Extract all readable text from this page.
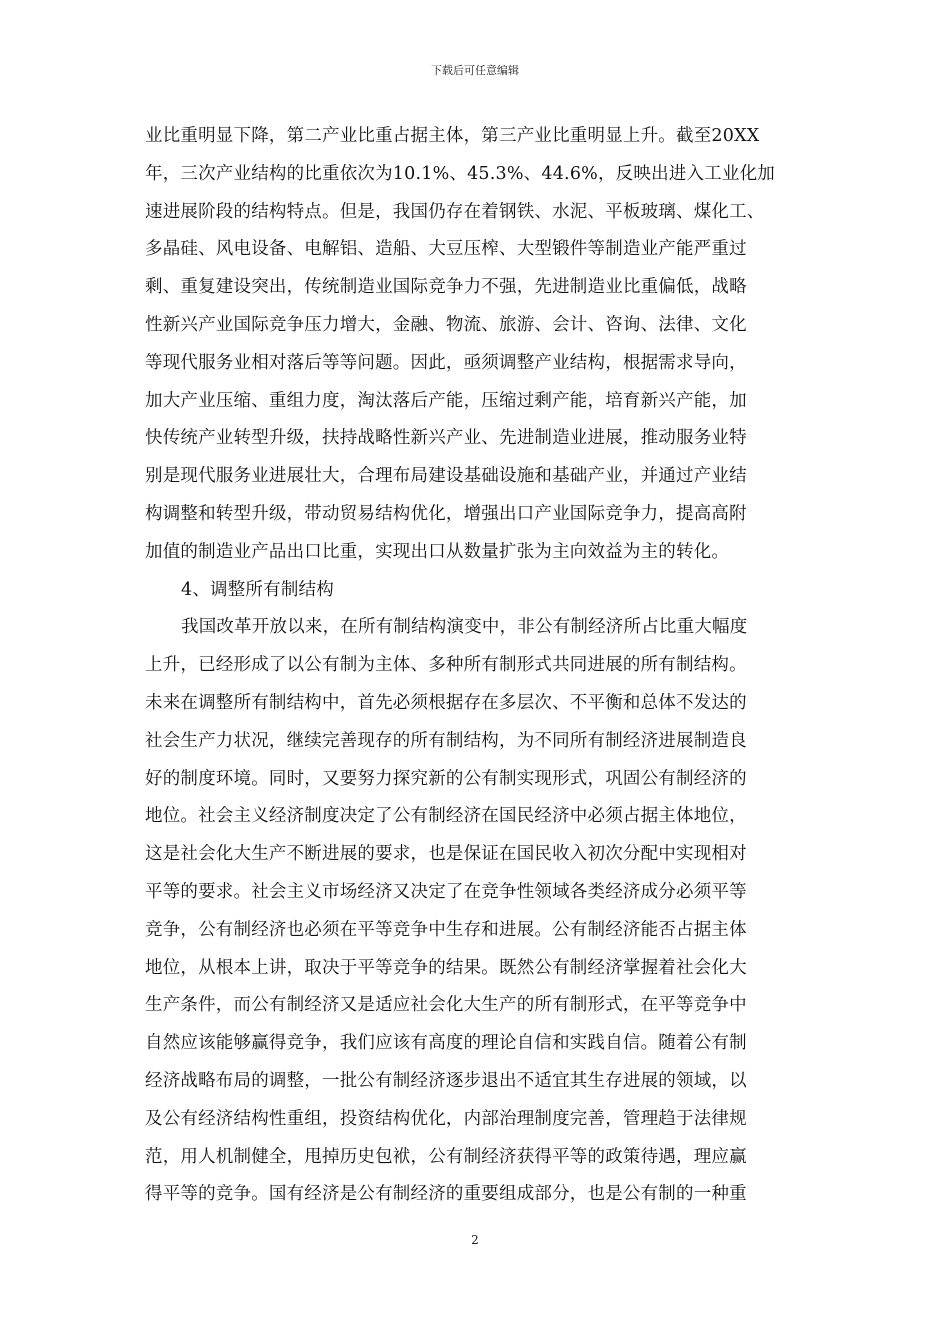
下载后可任意编辑
业比重明显下降，第二产业比重占据主体，第三产业比重明显上升。截至20XX
年，三次产业结构的比重依次为10.1%、45.3%、44.6%，反映出进入工业化加
速进展阶段的结构特点。但是，我国仍存在着钢铁、水泥、平板玻璃、煤化工、
多晶硅、风电设备、电解铝、造船、大豆压榨、大型锻件等制造业产能严重过
剩、重复建设突出，传统制造业国际竞争力不强，先进制造业比重偏低，战略
性新兴产业国际竞争压力增大，金融、物流、旅游、会计、咨询、法律、文化
等现代服务业相对落后等等问题。因此，亟须调整产业结构，根据需求导向，
加大产业压缩、重组力度，淘汰落后产能，压缩过剩产能，培育新兴产能，加
快传统产业转型升级，扶持战略性新兴产业、先进制造业进展，推动服务业特
别是现代服务业进展壮大，合理布局建设基础设施和基础产业，并通过产业结
构调整和转型升级，带动贸易结构优化，增强出口产业国际竞争力，提高高附
加值的制造业产品出口比重，实现出口从数量扩张为主向效益为主的转化。
4、调整所有制结构
我国改革开放以来，在所有制结构演变中，非公有制经济所占比重大幅度
上升，已经形成了以公有制为主体、多种所有制形式共同进展的所有制结构。
未来在调整所有制结构中，首先必须根据存在多层次、不平衡和总体不发达的
社会生产力状况，继续完善现存的所有制结构，为不同所有制经济进展制造良
好的制度环境。同时，又要努力探究新的公有制实现形式，巩固公有制经济的
地位。社会主义经济制度决定了公有制经济在国民经济中必须占据主体地位，
这是社会化大生产不断进展的要求，也是保证在国民收入初次分配中实现相对
平等的要求。社会主义市场经济又决定了在竞争性领域各类经济成分必须平等
竞争，公有制经济也必须在平等竞争中生存和进展。公有制经济能否占据主体
地位，从根本上讲，取决于平等竞争的结果。既然公有制经济掌握着社会化大
生产条件，而公有制经济又是适应社会化大生产的所有制形式，在平等竞争中
自然应该能够赢得竞争，我们应该有高度的理论自信和实践自信。随着公有制
经济战略布局的调整，一批公有制经济逐步退出不适宜其生存进展的领域，以
及公有经济结构性重组，投资结构优化，内部治理制度完善，管理趋于法律规
范，用人机制健全，甩掉历史包袱，公有制经济获得平等的政策待遇，理应赢
得平等的竞争。国有经济是公有制经济的重要组成部分，也是公有制的一种重
2
